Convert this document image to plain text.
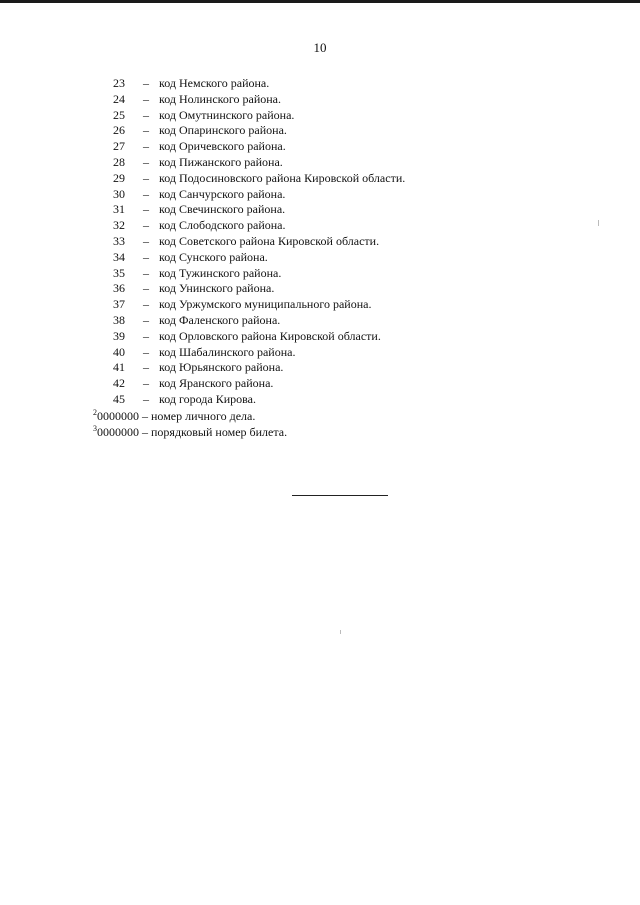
10
23	– код Немского района.
24	– код Нолинского района.
25	– код Омутнинского района.
26	– код Опаринского района.
27	– код Оричевского района.
28	– код Пижанского района.
29	– код Подосиновского района Кировской области.
30	– код Санчурского района.
31	– код Свечинского района.
32	– код Слободского района.
33	– код Советского района Кировской области.
34	– код Сунского района.
35	– код Тужинского района.
36	– код Унинского района.
37	– код Уржумского муниципального района.
38	– код Фаленского района.
39	– код Орловского района Кировской области.
40	– код Шабалинского района.
41	– код Юрьянского района.
42	– код Яранского района.
45	– код города Кирова.
$^2$0000000 – номер личного дела.
$^3$0000000 – порядковый номер билета.
